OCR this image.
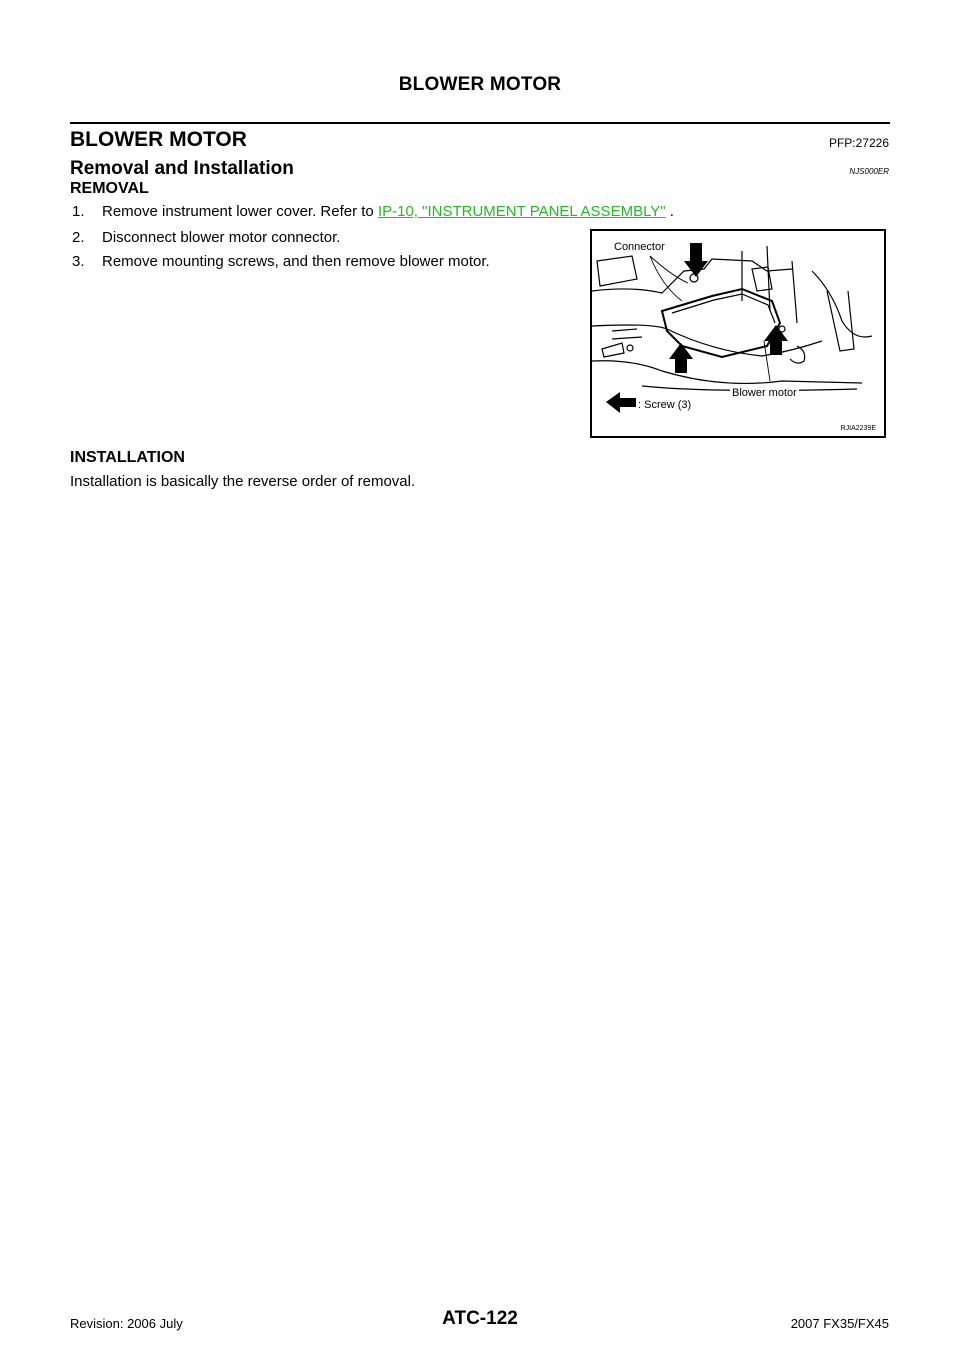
BLOWER MOTOR
BLOWER MOTOR	PFP:27226
Removal and Installation	NJS000ER
REMOVAL
1. Remove instrument lower cover. Refer to IP-10, "INSTRUMENT PANEL ASSEMBLY" .
2. Disconnect blower motor connector.
3. Remove mounting screws, and then remove blower motor.
Connector
Blower motor
: Screw (3)
RJIA2239E
INSTALLATION
Installation is basically the reverse order of removal.
Revision: 2006 July	ATC-122	2007 FX35/FX45
